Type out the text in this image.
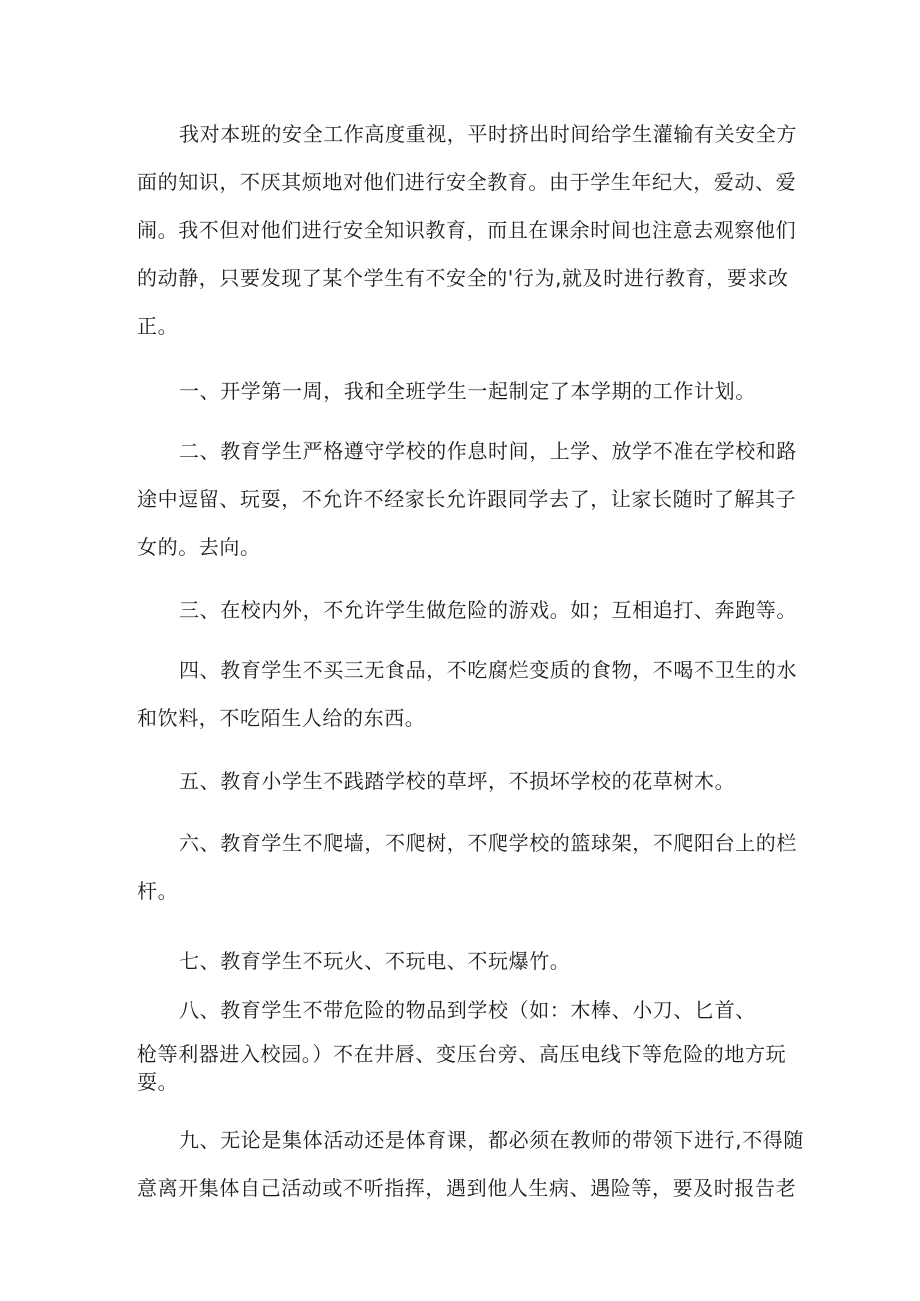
我对本班的安全工作高度重视，平时挤出时间给学生灌输有关安全方
面的知识，不厌其烦地对他们进行安全教育。由于学生年纪大，爱动、爱
闹。我不但对他们进行安全知识教育，而且在课余时间也注意去观察他们
的动静，只要发现了某个学生有不安全的'行为,就及时进行教育，要求改
正。
一、开学第一周，我和全班学生一起制定了本学期的工作计划。
二、教育学生严格遵守学校的作息时间，上学、放学不准在学校和路
途中逗留、玩耍，不允许不经家长允许跟同学去了，让家长随时了解其子
女的。去向。
三、在校内外，不允许学生做危险的游戏。如；互相追打、奔跑等。
四、教育学生不买三无食品，不吃腐烂变质的食物，不喝不卫生的水
和饮料，不吃陌生人给的东西。
五、教育小学生不践踏学校的草坪，不损坏学校的花草树木。
六、教育学生不爬墙，不爬树，不爬学校的篮球架，不爬阳台上的栏
杆。
七、教育学生不玩火、不玩电、不玩爆竹。
八、教育学生不带危险的物品到学校（如：木棒、小刀、匕首、
枪等利器进入校园。）不在井唇、变压台旁、高压电线下等危险的地方玩
耍。
九、无论是集体活动还是体育课，都必须在教师的带领下进行,不得随
意离开集体自己活动或不听指挥，遇到他人生病、遇险等，要及时报告老
